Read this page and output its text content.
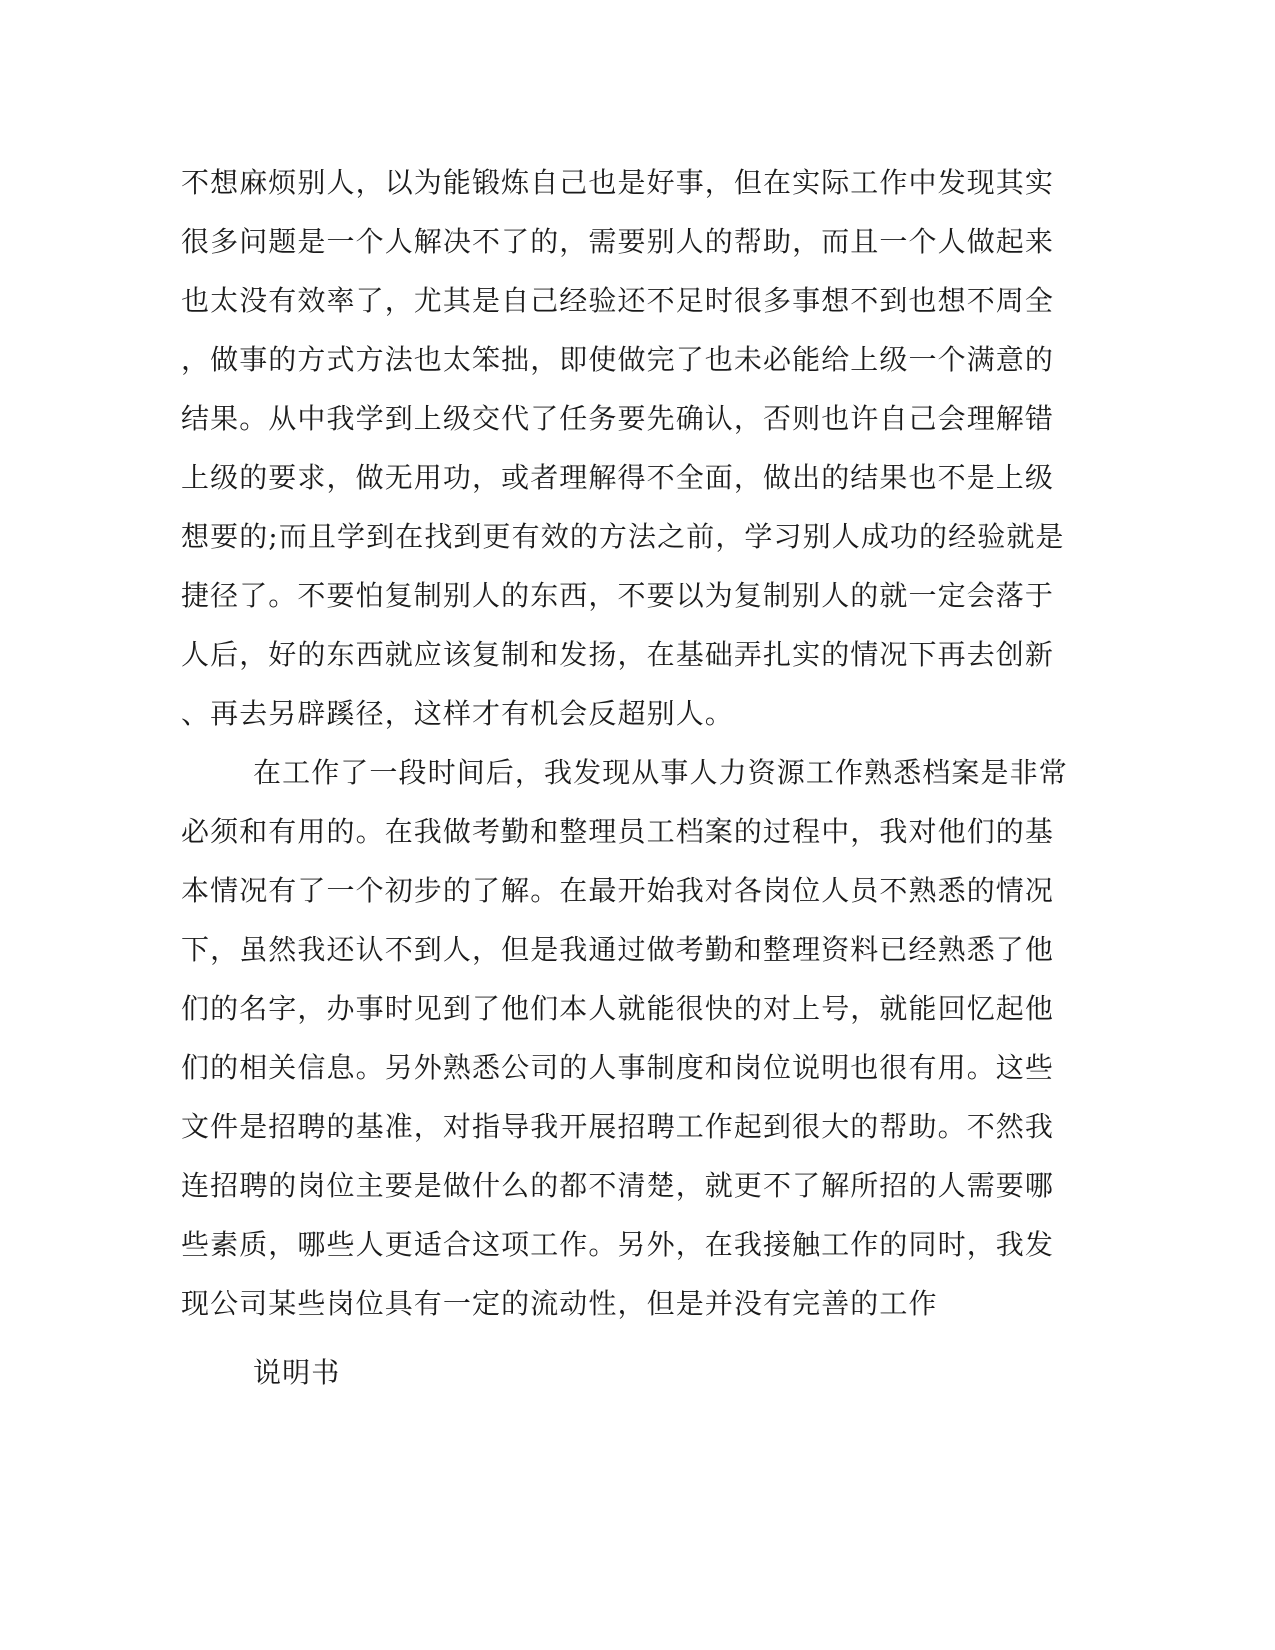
不想麻烦别人，以为能锻炼自己也是好事，但在实际工作中发现其实
很多问题是一个人解决不了的，需要别人的帮助，而且一个人做起来
也太没有效率了，尤其是自己经验还不足时很多事想不到也想不周全
，做事的方式方法也太笨拙，即使做完了也未必能给上级一个满意的
结果。从中我学到上级交代了任务要先确认，否则也许自己会理解错
上级的要求，做无用功，或者理解得不全面，做出的结果也不是上级
想要的;而且学到在找到更有效的方法之前，学习别人成功的经验就是
捷径了。不要怕复制别人的东西，不要以为复制别人的就一定会落于
人后，好的东西就应该复制和发扬，在基础弄扎实的情况下再去创新
、再去另辟蹊径，这样才有机会反超别人。
在工作了一段时间后，我发现从事人力资源工作熟悉档案是非常
必须和有用的。在我做考勤和整理员工档案的过程中，我对他们的基
本情况有了一个初步的了解。在最开始我对各岗位人员不熟悉的情况
下，虽然我还认不到人，但是我通过做考勤和整理资料已经熟悉了他
们的名字，办事时见到了他们本人就能很快的对上号，就能回忆起他
们的相关信息。另外熟悉公司的人事制度和岗位说明也很有用。这些
文件是招聘的基准，对指导我开展招聘工作起到很大的帮助。不然我
连招聘的岗位主要是做什么的都不清楚，就更不了解所招的人需要哪
些素质，哪些人更适合这项工作。另外，在我接触工作的同时，我发
现公司某些岗位具有一定的流动性，但是并没有完善的工作
说明书
